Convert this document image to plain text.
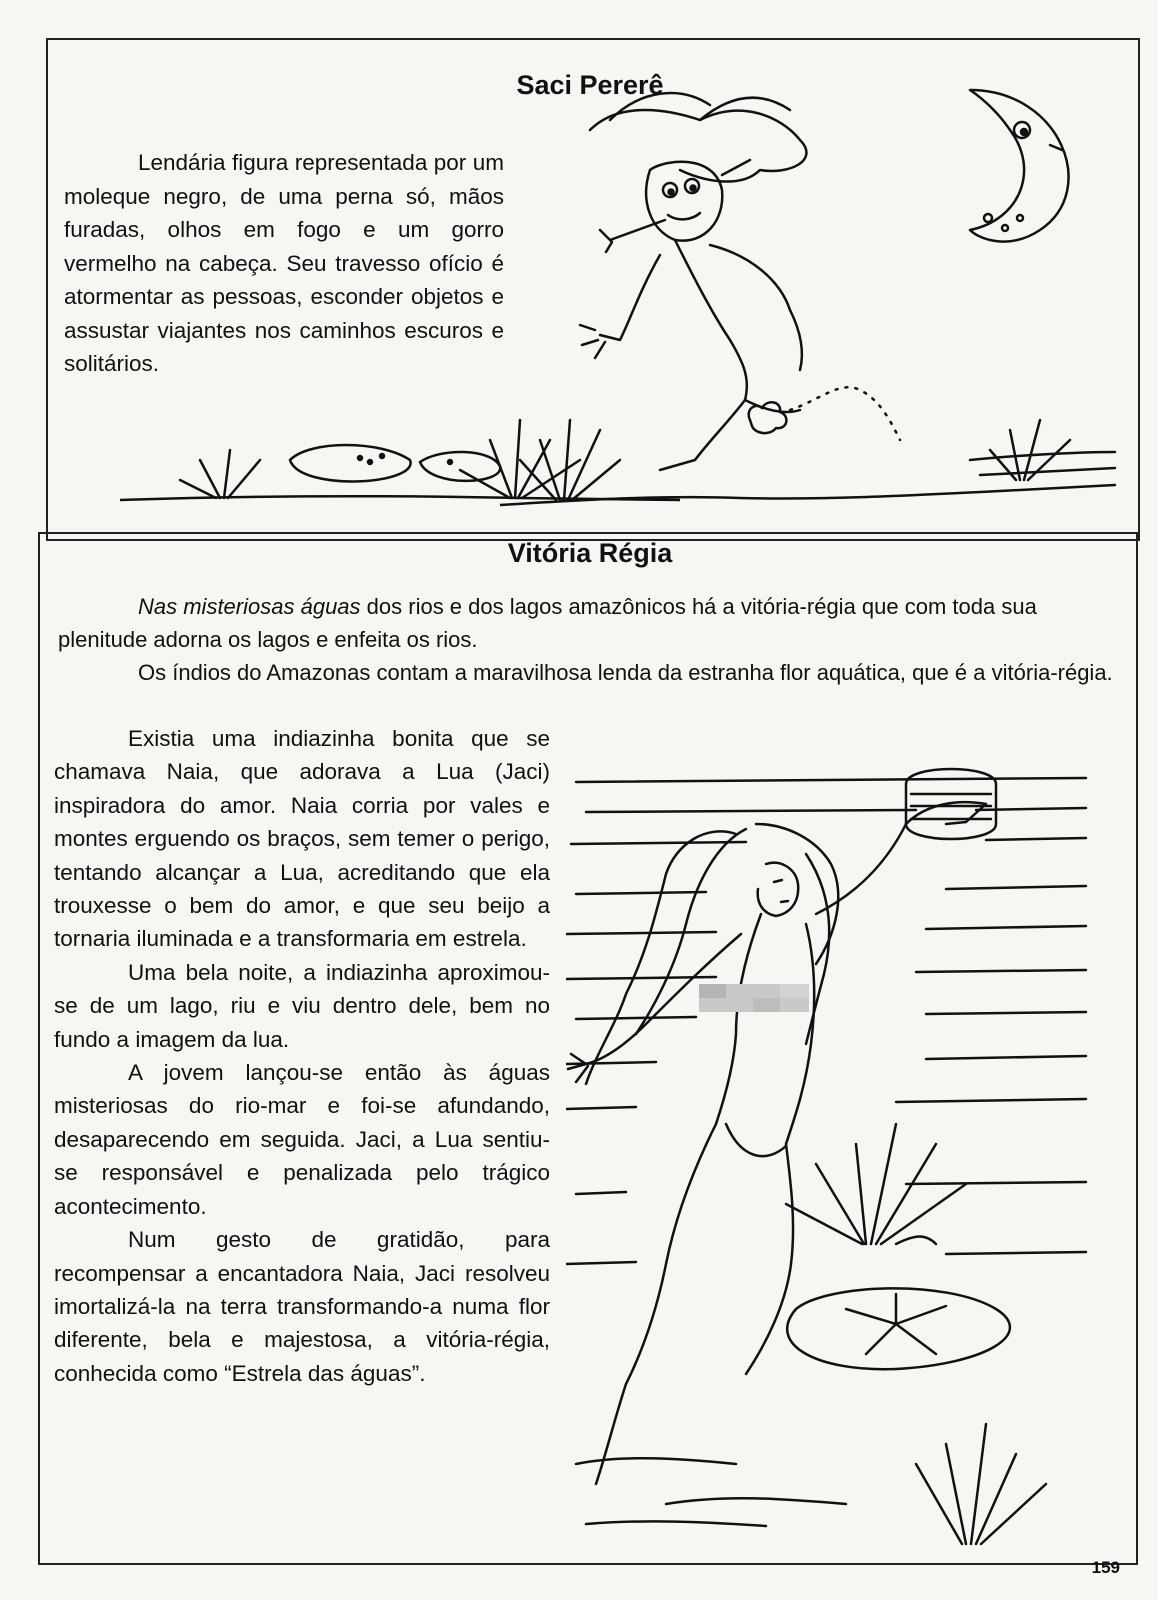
Saci Pererê

Lendária figura representada por um moleque negro, de uma perna só, mãos furadas, olhos em fogo e um gorro vermelho na cabeça. Seu travesso ofício é atormentar as pessoas, esconder objetos e assustar viajantes nos caminhos escuros e solitários.

Vitória Régia

Nas misteriosas águas dos rios e dos lagos amazônicos há a vitória-régia que com toda sua plenitude adorna os lagos e enfeita os rios.

Os índios do Amazonas contam a maravilhosa lenda da estranha flor aquática, que é a vitória-régia.

Existia uma indiazinha bonita que se chamava Naia, que adorava a Lua (Jaci) inspiradora do amor. Naia corria por vales e montes erguendo os braços, sem temer o perigo, tentando alcançar a Lua, acreditando que ela trouxesse o bem do amor, e que seu beijo a tornaria iluminada e a transformaria em estrela.

Uma bela noite, a indiazinha aproximou-se de um lago, riu e viu dentro dele, bem no fundo a imagem da lua.

A jovem lançou-se então às águas misteriosas do rio-mar e foi-se afundando, desaparecendo em seguida. Jaci, a Lua sentiu-se responsável e penalizada pelo trágico acontecimento.

Num gesto de gratidão, para recompensar a encantadora Naia, Jaci resolveu imortalizá-la na terra transformando-a numa flor diferente, bela e majestosa, a vitória-régia, conhecida como “Estrela das águas”.

159
